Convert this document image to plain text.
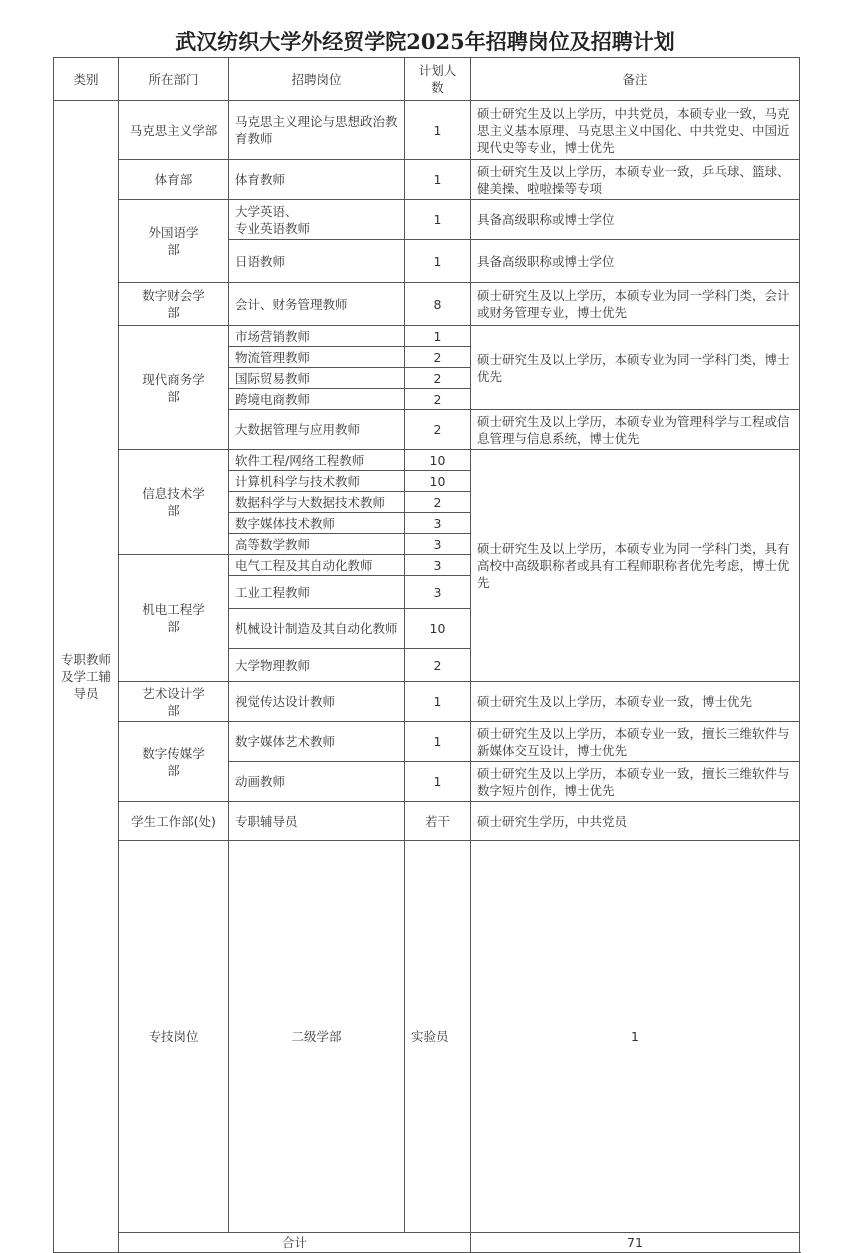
武汉纺织大学外经贸学院2025年招聘岗位及招聘计划
类别	所在部门	招聘岗位	计划人数	备注	
专职教师及学工辅导员	马克思主义学部	马克思主义理论与思想政治教育教师	1	硕士研究生及以上学历，中共党员，本硕专业一致，马克思主义基本原理、马克思主义中国化、中共党史、中国近现代史等专业，博士优先	
	体育部	体育教师	1	硕士研究生及以上学历，本硕专业一致，乒乓球、篮球、健美操、啦啦操等专项	
	外国语学部	大学英语、
专业英语教师	1	具备高级职称或博士学位	
		日语教师	1	具备高级职称或博士学位	
	数字财会学部	会计、财务管理教师	8	硕士研究生及以上学历，本硕专业为同一学科门类，会计或财务管理专业，博士优先	
	现代商务学部	市场营销教师	1	硕士研究生及以上学历，本硕专业为同一学科门类，博士优先	
		物流管理教师	2		
		国际贸易教师	2		
		跨境电商教师	2		
		大数据管理与应用教师	2	硕士研究生及以上学历，本硕专业为管理科学与工程或信息管理与信息系统，博士优先	
	信息技术学部	软件工程/网络工程教师	10	硕士研究生及以上学历，本硕专业为同一学科门类，具有高校中高级职称者或具有工程师职称者优先考虑，博士优先	
		计算机科学与技术教师	10		
		数据科学与大数据技术教师	2		
		数字媒体技术教师	3		
		高等数学教师	3		
	机电工程学部	电气工程及其自动化教师	3		
		工业工程教师	3		
		机械设计制造及其自动化教师	10		
		大学物理教师	2		
	艺术设计学部	视觉传达设计教师	1	硕士研究生及以上学历，本硕专业一致，博士优先	
	数字传媒学部	数字媒体艺术教师	1	硕士研究生及以上学历，本硕专业一致，擅长三维软件与新媒体交互设计，博士优先	
		动画教师	1	硕士研究生及以上学历，本硕专业一致，擅长三维软件与数字短片创作，博士优先	
	学生工作部(处)	专职辅导员	若干	硕士研究生学历，中共党员	
	专技岗位	二级学部	实验员	1	
	合计			71	
